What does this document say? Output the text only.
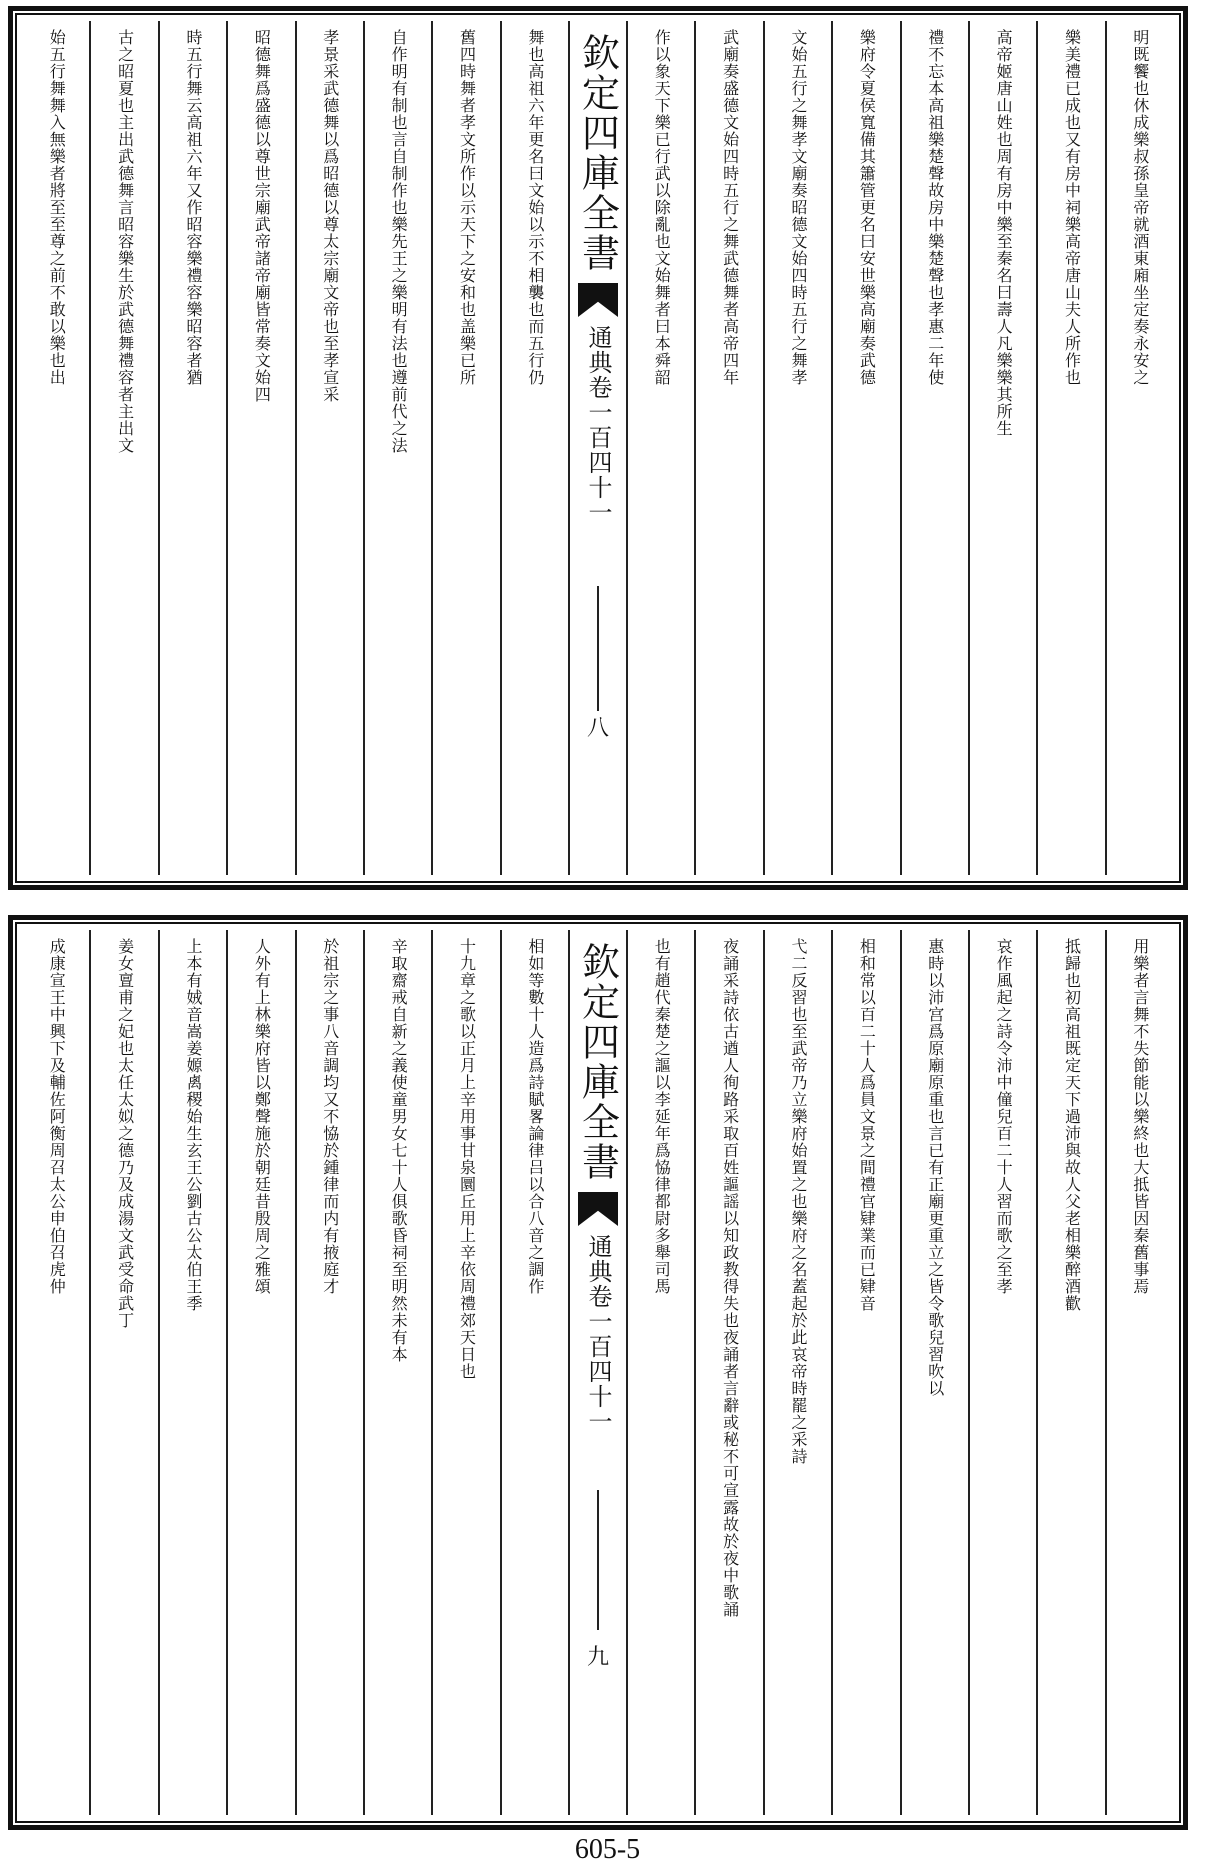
明既饗也休成樂叔孫皇帝就酒東廂坐定奏永安之
樂美禮已成也又有房中祠樂高帝唐山夫人所作也
高帝姬唐山姓也周有房中樂至秦名曰壽人凡樂樂其所生
禮不忘本高祖樂楚聲故房中樂楚聲也孝惠二年使
樂府令夏侯寬備其簫管更名曰安世樂高廟奏武德
文始五行之舞孝文廟奏昭德文始四時五行之舞孝
武廟奏盛德文始四時五行之舞武德舞者高帝四年
作以象天下樂已行武以除亂也文始舞者曰本舜韶
欽定四庫全書
通典
卷一百四十一
八
舞也高祖六年更名曰文始以示不相襲也而五行仍
舊四時舞者孝文所作以示天下之安和也盖樂已所
自作明有制也言自制作也樂先王之樂明有法也遵前代之法
孝景采武德舞以爲昭德以尊太宗廟文帝也至孝宣采
昭德舞爲盛德以尊世宗廟武帝諸帝廟皆常奏文始四
時五行舞云高祖六年又作昭容樂禮容樂昭容者猶
古之昭夏也主出武德舞言昭容樂生於武德舞禮容者主出文
始五行舞舞入無樂者將至至尊之前不敢以樂也出
用樂者言舞不失節能以樂終也大抵皆因秦舊事焉
抵歸也初高祖既定天下過沛與故人父老相樂醉酒歡
哀作風起之詩令沛中僮兒百二十人習而歌之至孝
惠時以沛宫爲原廟原重也言已有正廟更重立之皆令歌兒習吹以
相和常以百二十人爲員文景之間禮官肄業而已肄音
弋二反習也至武帝乃立樂府始置之也樂府之名蓋起於此哀帝時罷之采詩
夜誦采詩依古遒人徇路采取百姓謳謡以知政教得失也夜誦者言辭或秘不可宣露故於夜中歌誦
也有趙代秦楚之謳以李延年爲恊律都尉多舉司馬
欽定四庫全書
通典
卷一百四十一
九
相如等數十人造爲詩賦畧論律吕以合八音之調作
十九章之歌以正月上辛用事甘泉圜丘用上辛依周禮郊天日也
辛取齋戒自新之義使童男女七十人俱歌昏祠至明然未有本
於祖宗之事八音調均又不恊於鍾律而内有掖庭才
人外有上林樂府皆以鄭聲施於朝廷昔殷周之雅頌
上本有娀音嵩姜嫄禼稷始生玄王公劉古公太伯王季
姜女亶甫之妃也太任太姒之德乃及成湯文武受命武丁
成康宣王中興下及輔佐阿衡周召太公申伯召虎仲
605-5
